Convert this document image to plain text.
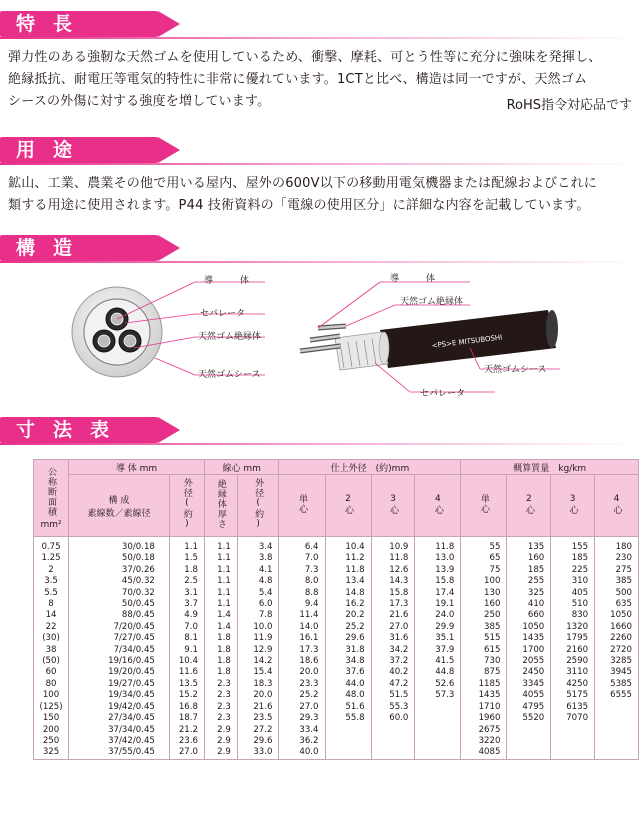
特長
弾力性のある強靭な天然ゴムを使用しているため、衝撃、摩耗、可とう性等に充分に強味を発揮し、
絶縁抵抗、耐電圧等電気的特性に非常に優れています。1CTと比べ、構造は同一ですが、天然ゴム
シースの外傷に対する強度を増しています。	RoHS指令対応品です
用途
鉱山、工業、農業その他で用いる屋内、屋外の600V以下の移動用電気機器または配線およびこれに
類する用途に使用されます。P44 技術資料の「電線の使用区分」に詳細な内容を記載しています。
構造
<PS>E MITSUBOSHI
導　　　体
セパレータ
天然ゴム絶縁体
天然ゴムシース
導　　　体
天然ゴム絶縁体
天然ゴムシース
セパレータ
寸法表
公称断面積
mm²	導 体 mm		線心 mm		仕上外径　(約)mm				概算質量　kg/km			

	構 成
素線数／素線径	外径(約)	絶縁体厚さ	外径(約)	単心	2心	3心	4心	単心	2心	3心	4心
0.75	30/0.18	1.1	1.1	3.4	6.4	10.4	10.9	11.8	55	135	155	180
1.25	50/0.18	1.5	1.1	3.8	7.0	11.2	11.8	13.0	65	160	185	230
2	37/0.26	1.8	1.1	4.1	7.3	11.8	12.6	13.9	75	185	225	275
3.5	45/0.32	2.5	1.1	4.8	8.0	13.4	14.3	15.8	100	255	310	385
5.5	70/0.32	3.1	1.1	5.4	8.8	14.8	15.8	17.4	130	325	405	500
8	50/0.45	3.7	1.1	6.0	9.4	16.2	17.3	19.1	160	410	510	635
14	88/0.45	4.9	1.4	7.8	11.4	20.2	21.6	24.0	250	660	830	1050
22	7/20/0.45	7.0	1.4	10.0	14.0	25.2	27.0	29.9	385	1050	1320	1660
(30)	7/27/0.45	8.1	1.8	11.9	16.1	29.6	31.6	35.1	515	1435	1795	2260
38	7/34/0.45	9.1	1.8	12.9	17.3	31.8	34.2	37.9	615	1700	2160	2720
(50)	19/16/0.45	10.4	1.8	14.2	18.6	34.8	37.2	41.5	730	2055	2590	3285
60	19/20/0.45	11.6	1.8	15.4	20.0	37.6	40.2	44.8	875	2450	3110	3945
80	19/27/0.45	13.5	2.3	18.3	23.3	44.0	47.2	52.6	1185	3345	4250	5385
100	19/34/0.45	15.2	2.3	20.0	25.2	48.0	51.5	57.3	1435	4055	5175	6555
(125)	19/42/0.45	16.8	2.3	21.6	27.0	51.6	55.3		1710	4795	6135	
150	27/34/0.45	18.7	2.3	23.5	29.3	55.8	60.0		1960	5520	7070	
200	37/34/0.45	21.2	2.9	27.2	33.4				2675			
250	37/42/0.45	23.6	2.9	29.6	36.2				3220			
325	37/55/0.45	27.0	2.9	33.0	40.0				4085			
